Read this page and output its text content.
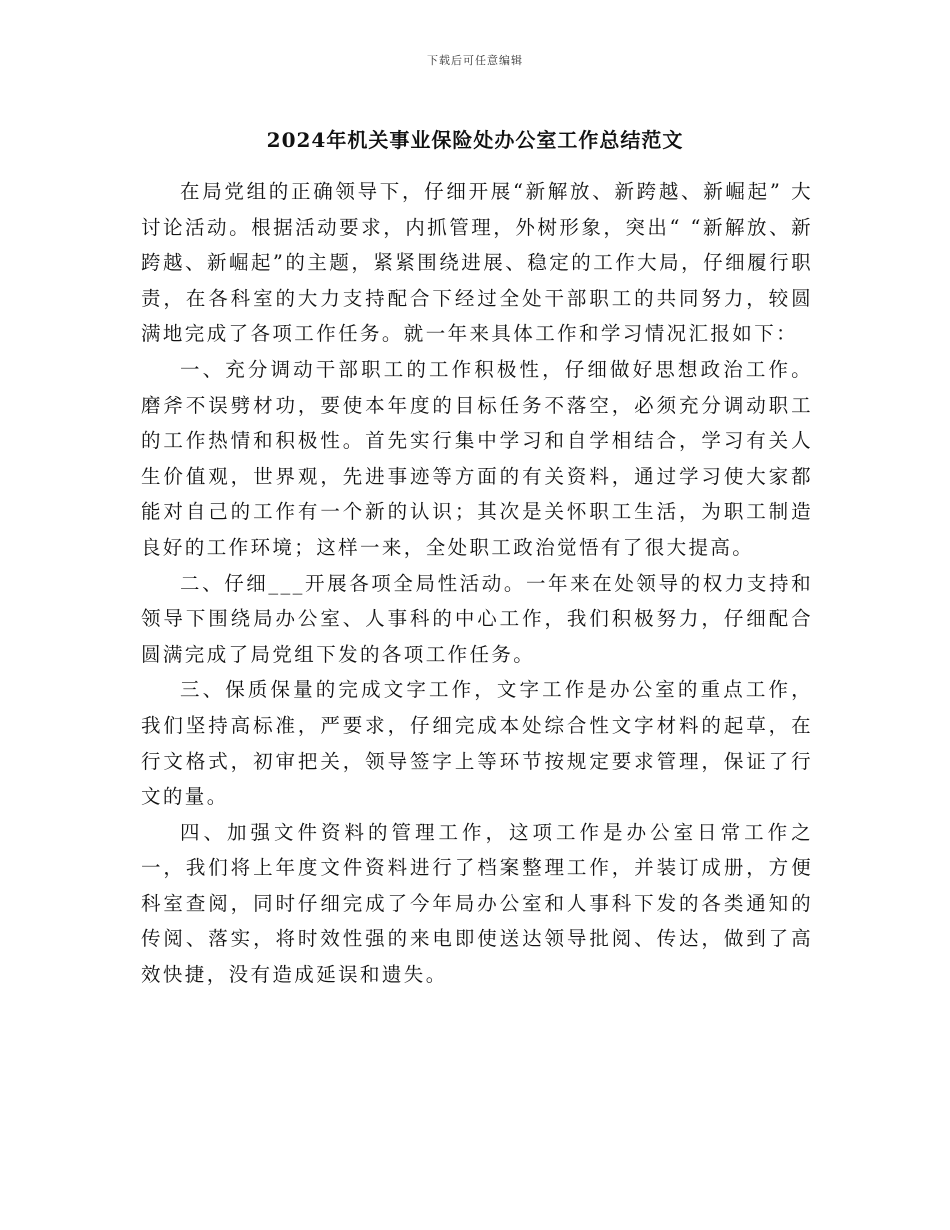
下载后可任意编辑
2024年机关事业保险处办公室工作总结范文

在局党组的正确领导下，仔细开展“新解放、新跨越、新崛起” 大讨论活动。根据活动要求，内抓管理，外树形象，突出“ “新解放、新跨越、新崛起”的主题，紧紧围绕进展、稳定的工作大局，仔细履行职责，在各科室的大力支持配合下经过全处干部职工的共同努力，较圆满地完成了各项工作任务。就一年来具体工作和学习情况汇报如下：

一、充分调动干部职工的工作积极性，仔细做好思想政治工作。磨斧不误劈材功，要使本年度的目标任务不落空，必须充分调动职工的工作热情和积极性。首先实行集中学习和自学相结合，学习有关人生价值观，世界观，先进事迹等方面的有关资料，通过学习使大家都能对自己的工作有一个新的认识；其次是关怀职工生活，为职工制造良好的工作环境；这样一来，全处职工政治觉悟有了很大提高。

二、仔细___开展各项全局性活动。一年来在处领导的权力支持和领导下围绕局办公室、人事科的中心工作，我们积极努力，仔细配合圆满完成了局党组下发的各项工作任务。

三、保质保量的完成文字工作，文字工作是办公室的重点工作，我们坚持高标准，严要求，仔细完成本处综合性文字材料的起草，在行文格式，初审把关，领导签字上等环节按规定要求管理，保证了行文的量。

四、加强文件资料的管理工作，这项工作是办公室日常工作之一，我们将上年度文件资料进行了档案整理工作，并装订成册，方便科室查阅，同时仔细完成了今年局办公室和人事科下发的各类通知的传阅、落实，将时效性强的来电即使送达领导批阅、传达，做到了高效快捷，没有造成延误和遗失。
